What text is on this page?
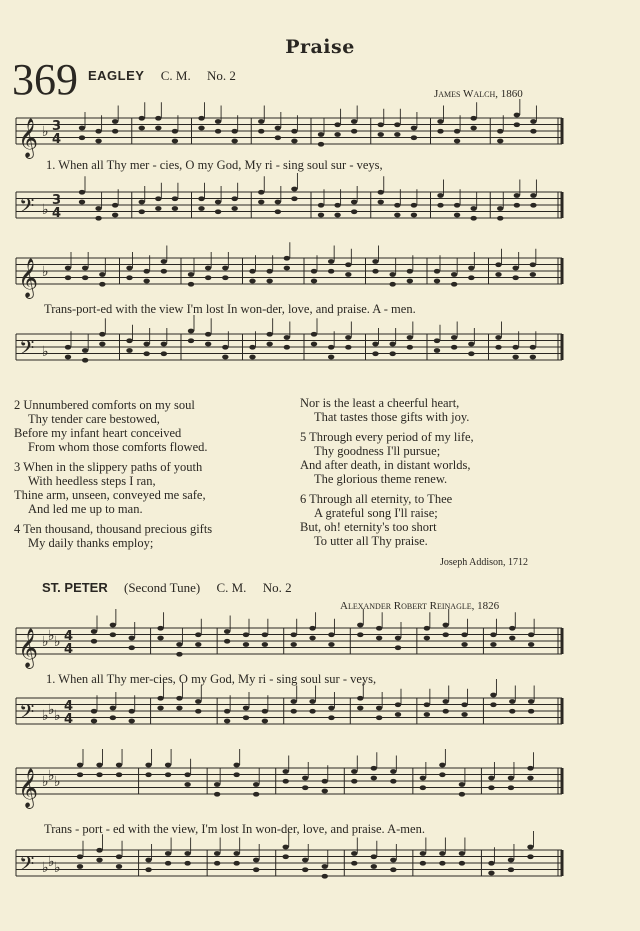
Praise
369 EAGLEY C. M. No. 2
James Walch, 1860
𝄞 ♭ 3
4
𝄢 ♭
3
4
1. When all Thy mer - cies, O my God, My ri - sing soul sur - veys,
𝄞 ♭
𝄢 ♭
Trans-port-ed with the view I'm lost In won-der, love, and praise. A - men.
2 Unnumbered comforts on my soul
Thy tender care bestowed,
Before my infant heart conceived
From whom those comforts flowed.
3 When in the slippery paths of youth
With heedless steps I ran,
Thine arm, unseen, conveyed me safe,
And led me up to man.
4 Ten thousand, thousand precious gifts
My daily thanks employ;
Nor is the least a cheerful heart,
That tastes those gifts with joy.
5 Through every period of my life,
Thy goodness I'll pursue;
And after death, in distant worlds,
The glorious theme renew.
6 Through all eternity, to Thee
A grateful song I'll raise;
But, oh! eternity's too short
To utter all Thy praise.
Joseph Addison, 1712
ST. PETER (Second Tune) C. M. No. 2
Alexander Robert Reinagle, 1826
𝄞 ♭ ♭ ♭ 4
4
𝄢 ♭ ♭ ♭
4
4
1. When all Thy mer-cies, O my God, My ri - sing soul sur - veys,
𝄞 ♭ ♭ ♭
𝄢 ♭ ♭ ♭
Trans - port - ed with the view, I'm lost In won-der, love, and praise. A-men.
